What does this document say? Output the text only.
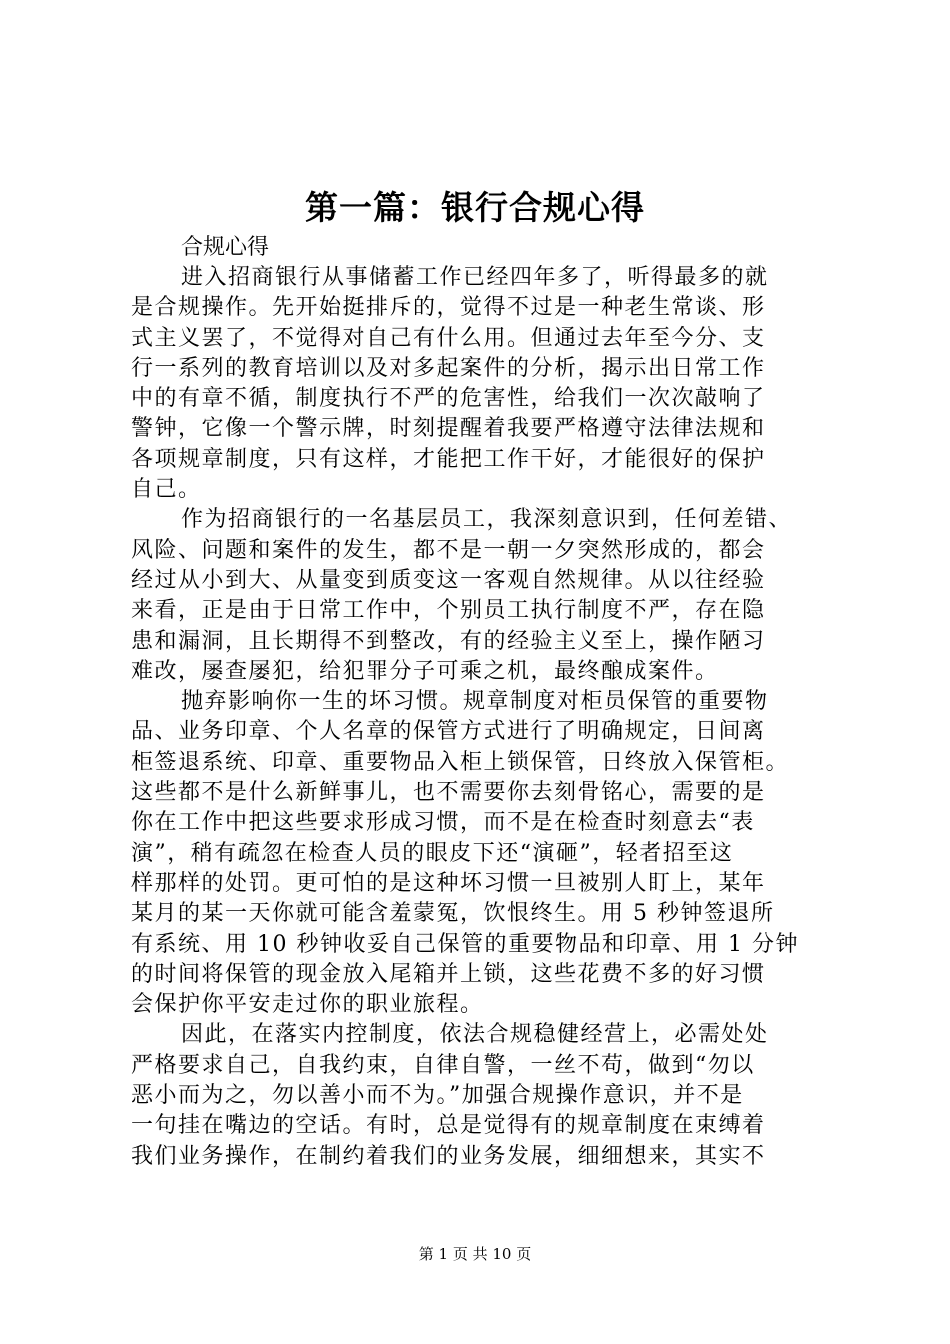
第一篇：银行合规心得

合规心得

进入招商银行从事储蓄工作已经四年多了，听得最多的就
是合规操作。先开始挺排斥的，觉得不过是一种老生常谈、形
式主义罢了，不觉得对自己有什么用。但通过去年至今分、支
行一系列的教育培训以及对多起案件的分析，揭示出日常工作
中的有章不循，制度执行不严的危害性，给我们一次次敲响了
警钟，它像一个警示牌，时刻提醒着我要严格遵守法律法规和
各项规章制度，只有这样，才能把工作干好，才能很好的保护
自己。
作为招商银行的一名基层员工，我深刻意识到，任何差错、
风险、问题和案件的发生，都不是一朝一夕突然形成的，都会
经过从小到大、从量变到质变这一客观自然规律。从以往经验
来看，正是由于日常工作中，个别员工执行制度不严，存在隐
患和漏洞，且长期得不到整改，有的经验主义至上，操作陋习
难改，屡查屡犯，给犯罪分子可乘之机，最终酿成案件。
抛弃影响你一生的坏习惯。规章制度对柜员保管的重要物
品、业务印章、个人名章的保管方式进行了明确规定，日间离
柜签退系统、印章、重要物品入柜上锁保管，日终放入保管柜。
这些都不是什么新鲜事儿，也不需要你去刻骨铭心，需要的是
你在工作中把这些要求形成习惯，而不是在检查时刻意去“表
演”，稍有疏忽在检查人员的眼皮下还“演砸”，轻者招至这
样那样的处罚。更可怕的是这种坏习惯一旦被别人盯上，某年
某月的某一天你就可能含羞蒙冤，饮恨终生。用 5 秒钟签退所
有系统、用 10 秒钟收妥自己保管的重要物品和印章、用 1 分钟
的时间将保管的现金放入尾箱并上锁，这些花费不多的好习惯
会保护你平安走过你的职业旅程。
因此，在落实内控制度，依法合规稳健经营上，必需处处
严格要求自己，自我约束，自律自警，一丝不苟，做到“勿以
恶小而为之，勿以善小而不为。”加强合规操作意识，并不是
一句挂在嘴边的空话。有时，总是觉得有的规章制度在束缚着
我们业务操作，在制约着我们的业务发展，细细想来，其实不

第 1 页 共 10 页
